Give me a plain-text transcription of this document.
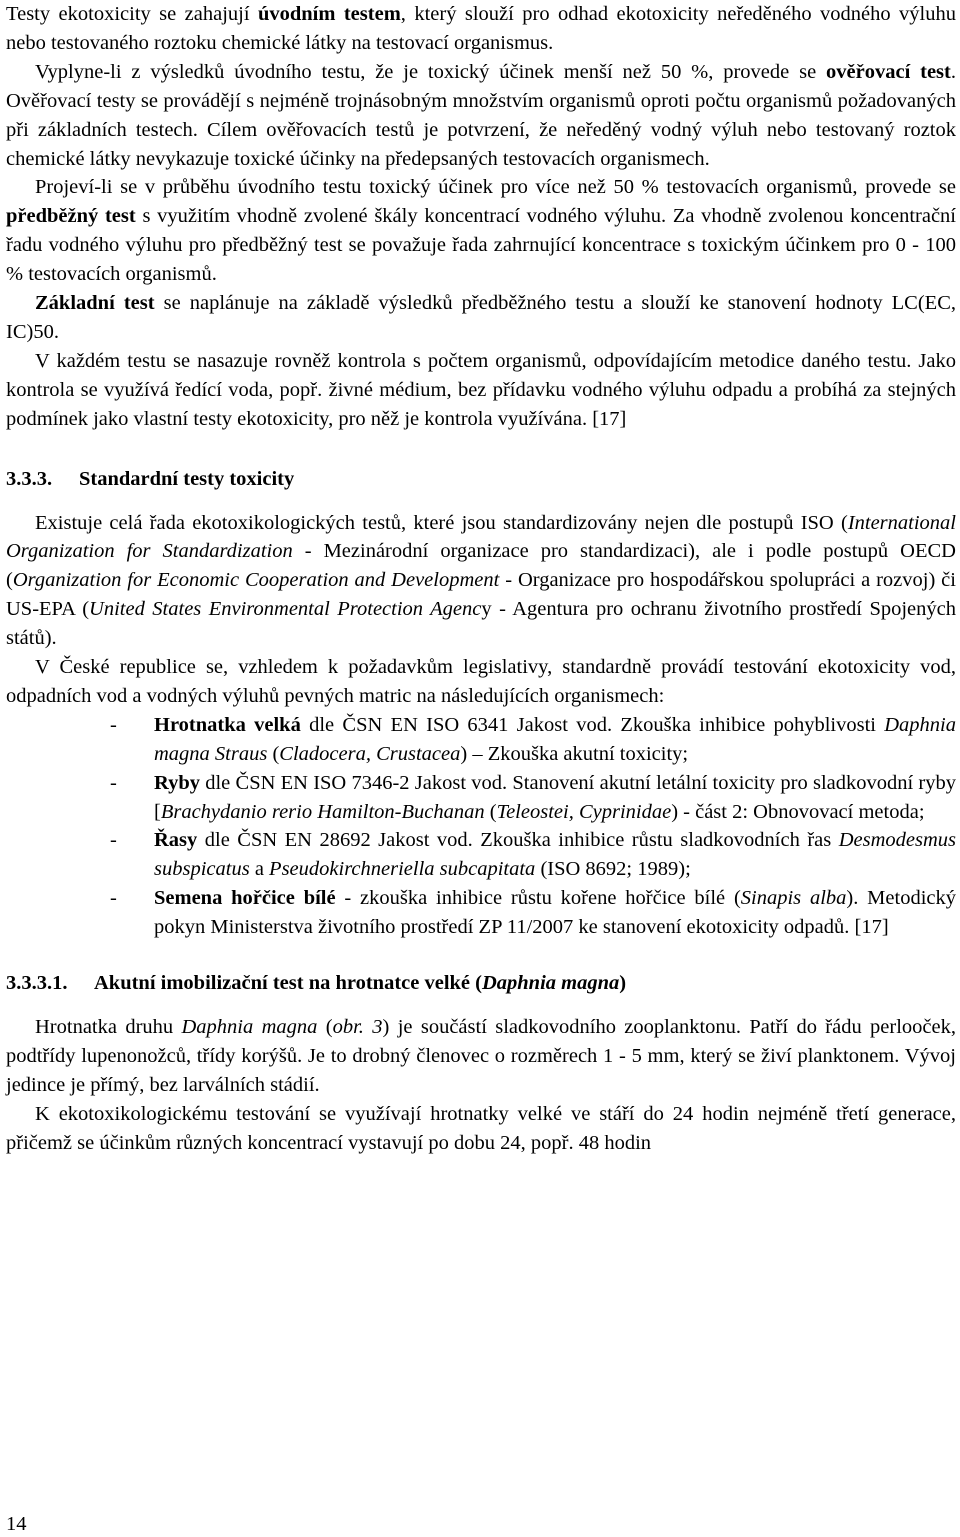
Testy ekotoxicity se zahajují úvodním testem, který slouží pro odhad ekotoxicity neředěného vodného výluhu nebo testovaného roztoku chemické látky na testovací organismus.

Vyplyne-li z výsledků úvodního testu, že je toxický účinek menší než 50 %, provede se ověřovací test. Ověřovací testy se provádějí s nejméně trojnásobným množstvím organismů oproti počtu organismů požadovaných při základních testech. Cílem ověřovacích testů je potvrzení, že neředěný vodný výluh nebo testovaný roztok chemické látky nevykazuje toxické účinky na předepsaných testovacích organismech.

Projeví-li se v průběhu úvodního testu toxický účinek pro více než 50 % testovacích organismů, provede se předběžný test s využitím vhodně zvolené škály koncentrací vodného výluhu. Za vhodně zvolenou koncentrační řadu vodného výluhu pro předběžný test se považuje řada zahrnující koncentrace s toxickým účinkem pro 0 - 100 % testovacích organismů.

Základní test se naplánuje na základě výsledků předběžného testu a slouží ke stanovení hodnoty LC(EC, IC)50.

V každém testu se nasazuje rovněž kontrola s počtem organismů, odpovídajícím metodice daného testu. Jako kontrola se využívá ředící voda, popř. živné médium, bez přídavku vodného výluhu odpadu a probíhá za stejných podmínek jako vlastní testy ekotoxicity, pro něž je kontrola využívána. [17]

3.3.3. Standardní testy toxicity

Existuje celá řada ekotoxikologických testů, které jsou standardizovány nejen dle postupů ISO (International Organization for Standardization - Mezinárodní organizace pro standardizaci), ale i podle postupů OECD (Organization for Economic Cooperation and Development - Organizace pro hospodářskou spolupráci a rozvoj) či US-EPA (United States Environmental Protection Agency - Agentura pro ochranu životního prostředí Spojených států).

V České republice se, vzhledem k požadavkům legislativy, standardně provádí testování ekotoxicity vod, odpadních vod a vodných výluhů pevných matric na následujících organismech:

- Hrotnatka velká dle ČSN EN ISO 6341 Jakost vod. Zkouška inhibice pohyblivosti Daphnia magna Straus (Cladocera, Crustacea) – Zkouška akutní toxicity;
- Ryby dle ČSN EN ISO 7346-2 Jakost vod. Stanovení akutní letální toxicity pro sladkovodní ryby [Brachydanio rerio Hamilton-Buchanan (Teleostei, Cyprinidae) - část 2: Obnovovací metoda;
- Řasy dle ČSN EN 28692 Jakost vod. Zkouška inhibice růstu sladkovodních řas Desmodesmus subspicatus a Pseudokirchneriella subcapitata (ISO 8692; 1989);
- Semena hořčice bílé - zkouška inhibice růstu kořene hořčice bílé (Sinapis alba). Metodický pokyn Ministerstva životního prostředí ZP 11/2007 ke stanovení ekotoxicity odpadů. [17]
3.3.3.1. Akutní imobilizační test na hrotnatce velké (Daphnia magna)

Hrotnatka druhu Daphnia magna (obr. 3) je součástí sladkovodního zooplanktonu. Patří do řádu perlooček, podtřídy lupenonožců, třídy korýšů. Je to drobný členovec o rozměrech 1 - 5 mm, který se živí planktonem. Vývoj jedince je přímý, bez larválních stádií.

K ekotoxikologickému testování se využívají hrotnatky velké ve stáří do 24 hodin nejméně třetí generace, přičemž se účinkům různých koncentrací vystavují po dobu 24, popř. 48 hodin

14
